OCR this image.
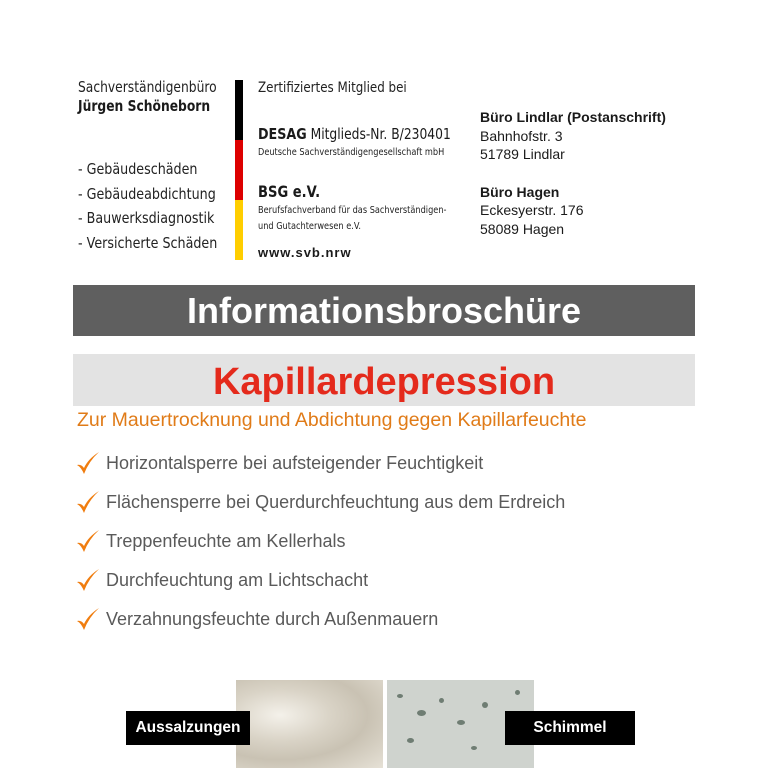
Sachverständigenbüro
Jürgen Schöneborn
- Gebäudeschäden
- Gebäudeabdichtung
- Bauwerksdiagnostik
- Versicherte Schäden
Zertifiziertes Mitglied bei
DESAG Mitglieds-Nr. B/230401
Deutsche Sachverständigengesellschaft mbH
BSG e.V.
Berufsfachverband für das Sachverständigen-
und Gutachterwesen e.V.
www.svb.nrw
Büro Lindlar (Postanschrift)
Bahnhofstr. 3
51789 Lindlar
Büro Hagen
Eckesyerstr. 176
58089 Hagen
Informationsbroschüre
Kapillardepression
Zur Mauertrocknung und Abdichtung gegen Kapillarfeuchte
Horizontalsperre bei aufsteigender Feuchtigkeit
Flächensperre bei Querdurchfeuchtung aus dem Erdreich
Treppenfeuchte am Kellerhals
Durchfeuchtung am Lichtschacht
Verzahnungsfeuchte durch Außenmauern
Aussalzungen	Schimmel
